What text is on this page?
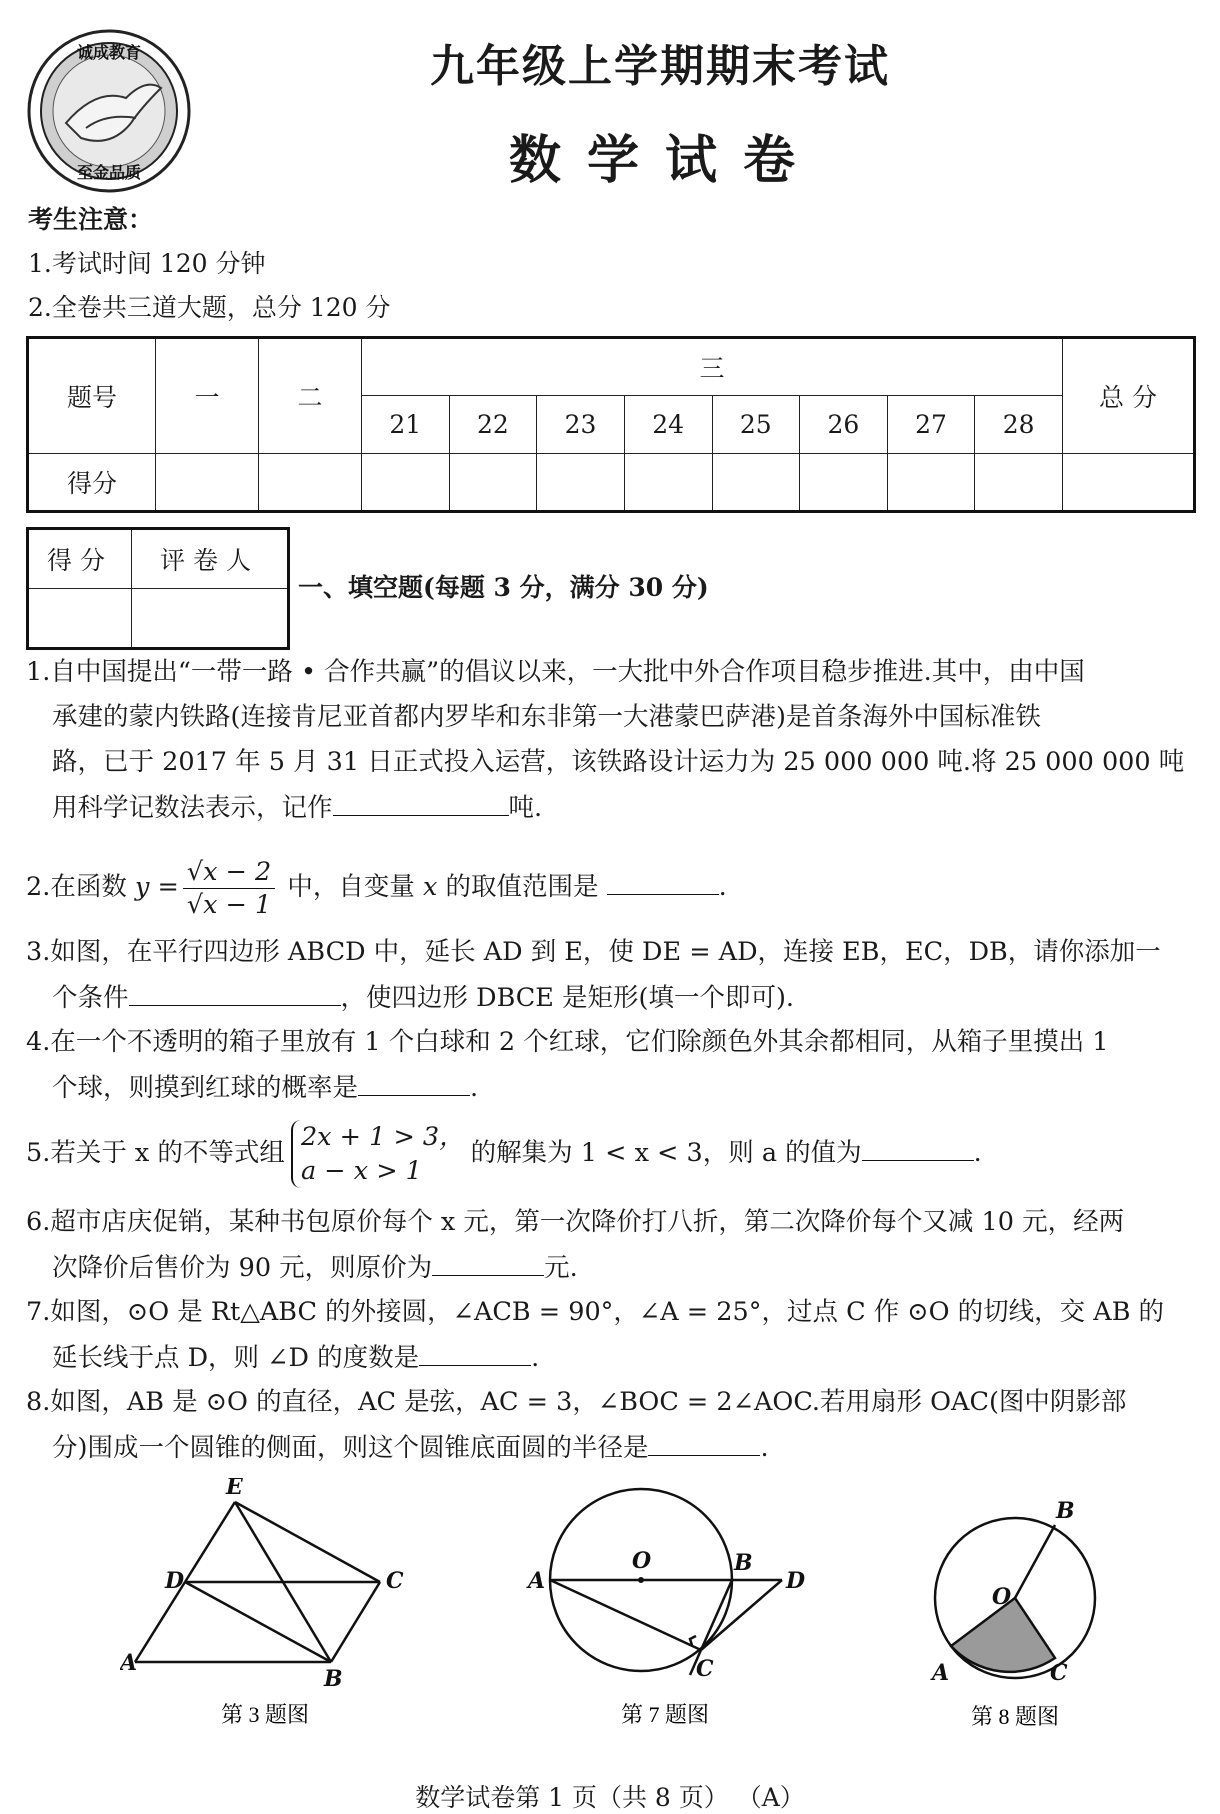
诚成教育
至金品质
九年级上学期期末考试
数学试卷
考生注意：
1.考试时间 120 分钟
2.全卷共三道大题，总分 120 分
题号	一	二	三								总 分
			21	22	23	24	25	26	27	28	
得分											
得分	评卷人

一、填空题(每题 3 分，满分 30 分)

1.自中国提出“一带一路 • 合作共赢”的倡议以来，一大批中外合作项目稳步推进.其中，由中国

承建的蒙内铁路(连接肯尼亚首都内罗毕和东非第一大港蒙巴萨港)是首条海外中国标准铁

路，已于 2017 年 5 月 31 日正式投入运营，该铁路设计运力为 25 000 000 吨.将 25 000 000 吨

用科学记数法表示，记作	吨.

2.在函数 $y = \frac{√x - 2}{√x - 1}$ 中，自变量 x 的取值范围是	.

3.如图，在平行四边形 ABCD 中，延长 AD 到 E，使 DE = AD，连接 EB，EC，DB，请你添加一

个条件	，使四边形 DBCE 是矩形(填一个即可).

4.在一个不透明的箱子里放有 1 个白球和 2 个红球，它们除颜色外其余都相同，从箱子里摸出 1

个球，则摸到红球的概率是	.

5.若关于 x 的不等式组
2x + 1 > 3，
a − x > 1
的解集为 1 < x < 3，则 a 的值为	.

6.超市店庆促销，某种书包原价每个 x 元，第一次降价打八折，第二次降价每个又减 10 元，经两

次降价后售价为 90 元，则原价为	元.

7.如图，⊙O 是 Rt△ABC 的外接圆，∠ACB = 90°，∠A = 25°，过点 C 作 ⊙O 的切线，交 AB 的

延长线于点 D，则 ∠D 的度数是	.

8.如图，AB 是 ⊙O 的直径，AC 是弦，AC = 3，∠BOC = 2∠AOC.若用扇形 OAC(图中阴影部

分)围成一个圆锥的侧面，则这个圆锥底面圆的半径是	.

E
D	C
A
B
第 3 题图
A
O	B
D
C
第 7 题图
B
O
A	C
第 8 题图
数学试卷第 1 页（共 8 页） （A）
